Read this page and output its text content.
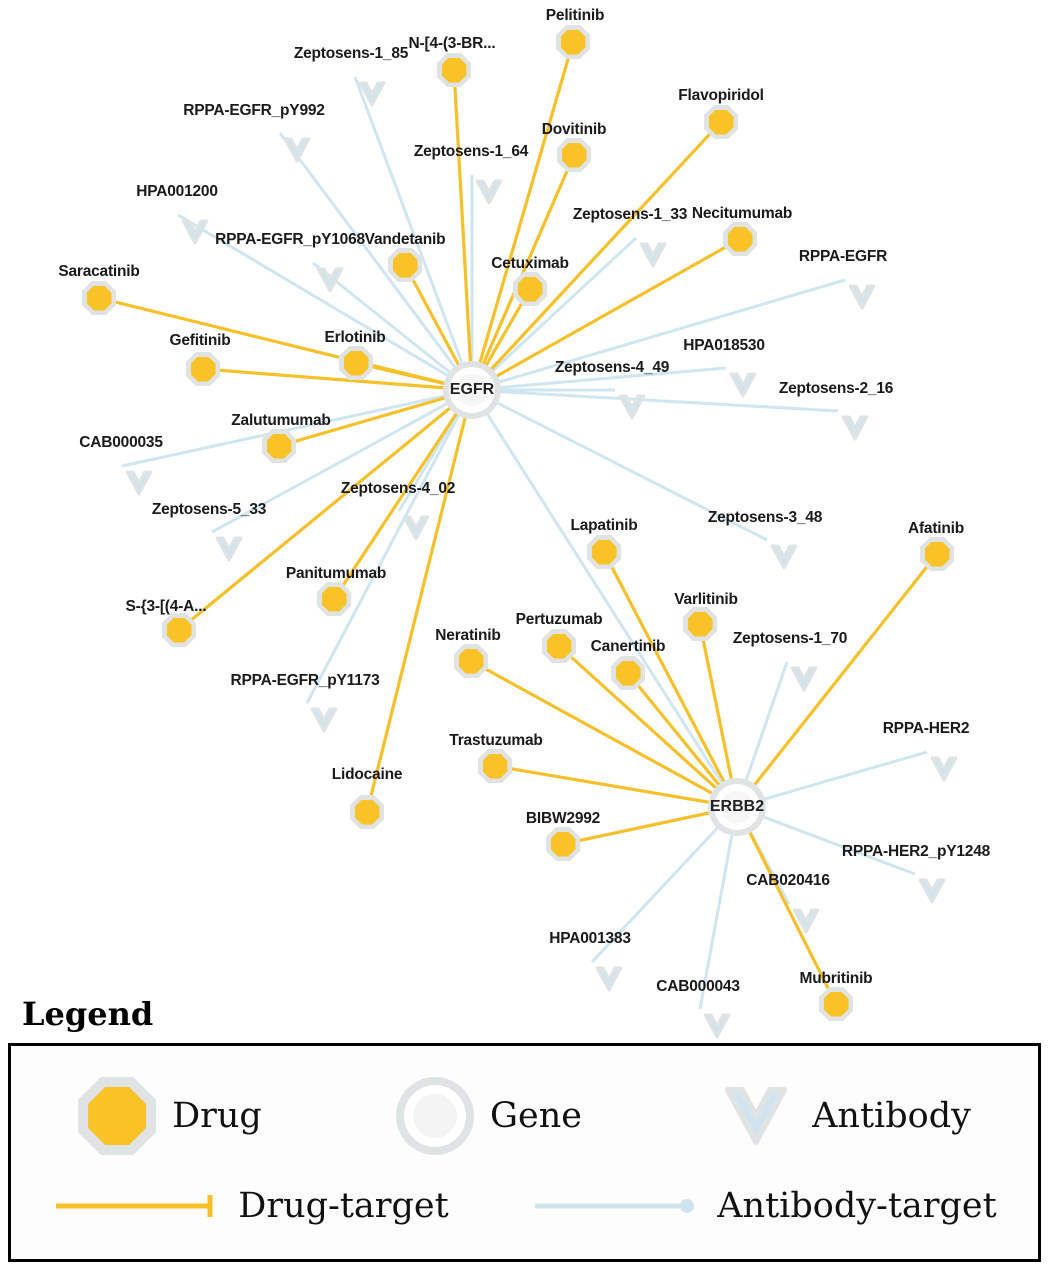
Pelitinib
N-[4-(3-BR...
Flavopiridol
Dovitinib
Necitumumab
Vandetanib
Cetuximab
Saracatinib
Gefitinib	Erlotinib
Zalutumumab
Afatinib
Lapatinib
Varlitinib
Panitumumab
S-{3-[(4-A...
Pertuzumab
Neratinib
Canertinib
Trastuzumab
Lidocaine
BIBW2992
Mubritinib
Zeptosens-1_85
RPPA-EGFR_pY992
Zeptosens-1_64
HPA001200
Zeptosens-1_33
RPPA-EGFR_pY1068
RPPA-EGFR
HPA018530
Zeptosens-4_49
Zeptosens-2_16
CAB000035
Zeptosens-4_02
Zeptosens-5_33	Zeptosens-3_48
Zeptosens-1_70
RPPA-EGFR_pY1173
RPPA-HER2
RPPA-HER2_pY1248
CAB020416
HPA001383
CAB000043
EGFR
ERBB2
Legend
Drug	Gene	Antibody
Drug-target	Antibody-target
